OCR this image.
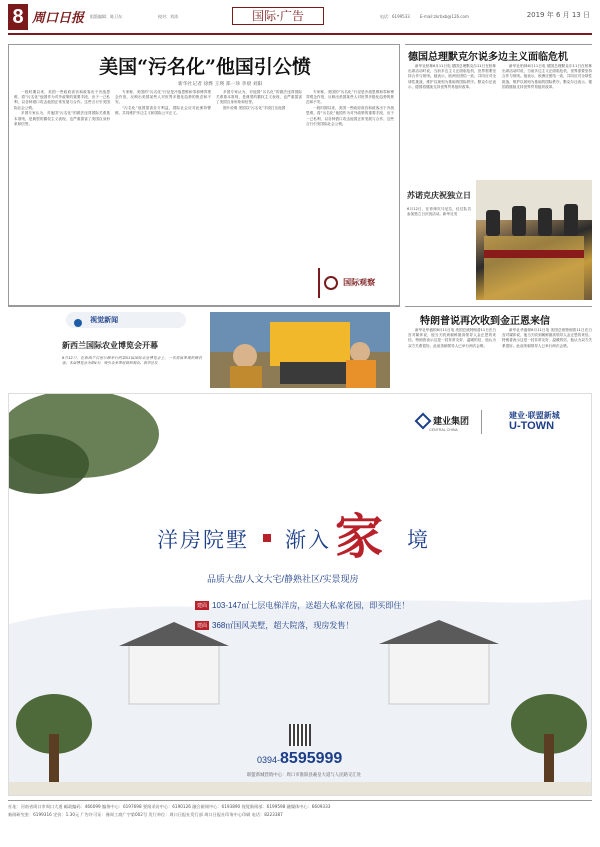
8 周口日报 组版编辑：陈卫东	校对：刘涛	国际·广告	电话：6199533	E-mail:zkrbxb@126.com	2019 年 6 月 13 日
美国“污名化”他国引公愤
新华社记者 徐烨 王瑛 郑一珍 李晨 刘阳

一段时期以来，美国一些政府高官和政客出于冷战思维，将“污名化”他国作为对外政策的重要手段，出于一己私利，以各种借口攻击他国正常发展与合作。这些言行引发国际社会公愤。

多国专家认为，对他国“污名化”的做法违背国际关系基本准则，是典型的霸权主义表现，也严重损害了美国自身形象和信誉。

专家称，美国的“污名化”行径是冷战思维和零和博弈观念作祟，反映出美国某些人对世界多极化趋势的焦虑和不安。

“污名化”他国损害各方利益，国际社会应对此保持警惕，共同维护多边主义和国际公平正义。

多国专家认为，对他国“污名化”的做法违背国际关系基本准则，是典型的霸权主义表现，也严重损害了美国自身形象和信誉。

图片说明 美国以“污名化”手段打压他国

专家称，美国的“污名化”行径是冷战思维和零和博弈观念作祟，反映出美国某些人对世界多极化趋势的焦虑和不安。

一段时期以来，美国一些政府高官和政客出于冷战思维，将“污名化”他国作为对外政策的重要手段，出于一己私利，以各种借口攻击他国正常发展与合作。这些言行引发国际社会公愤。

国际观察
德国总理默克尔说多边主义面临危机

新华社柏林6月11日电 德国总理默克尔11日在柏林出席活动时说，当前多边主义正面临危机，世界需要坚持合作与规则。她表示，欧洲应团结一致，共同应对全球性挑战，维护以规则为基础的国际秩序。默克尔还表示，德国将继续支持世界贸易组织改革。

新华社柏林6月11日电 德国总理默克尔11日在柏林出席活动时说，当前多边主义正面临危机，世界需要坚持合作与规则。她表示，欧洲应团结一致，共同应对全球性挑战，维护以规则为基础的国际秩序。默克尔还表示，德国将继续支持世界贸易组织改革。

苏诺克庆祝独立日
6月12日，在菲律宾马尼拉，仪仗队员参加独立日庆祝活动。新华社发
特朗普说再次收到金正恩来信

新华社华盛顿6月11日电 美国总统特朗普11日在白宫对媒体说，他当天收到朝鲜最高领导人金正恩的来信。特朗普表示这是一封非常友好、温暖的信，他认为双方关系很好。此前美朝领导人已举行两次会晤。

新华社华盛顿6月11日电 美国总统特朗普11日在白宫对媒体说，他当天收到朝鲜最高领导人金正恩的来信。特朗普表示这是一封非常友好、温暖的信，他认为双方关系很好。此前美朝领导人已举行两次会晤。

$^{视觉新闻}$
新西兰国际农业博览会开幕
6月12日，在新西兰汉密尔顿举行的第51届国际农业博览会上，一名男孩参观机械装备。本届博览会为期4天，吸引众多参展商和观众。新华社发
建业集团
CENTRAL CHINA
建业·联盟新城
U-TOWN
洋房院墅 渐入 家 境
品质大盘/人文大宅/静熟社区/实景现房
建面 103-147㎡七层电梯洋房，送超大私家花园，即买即住！
建面 368㎡国风美墅，超大院落，现房发售！
0394- 8595999
联盟新城营销中心：周口市淮阳县羲皇大道与人民路交汇处
社址：河南省周口市周口大道 邮政编码：466099 编务中心：6197698 要闻采访中心：6190126 融合新闻中心：6193890 视觉新闻部：6199598 融媒体中心：6609333
新闻研究室：6199316 定价：1.30元 广告许可证：豫周工商广字第002号 发行单位：周口日报社发行部 周口日报社印务中心印刷 电话：8223387
